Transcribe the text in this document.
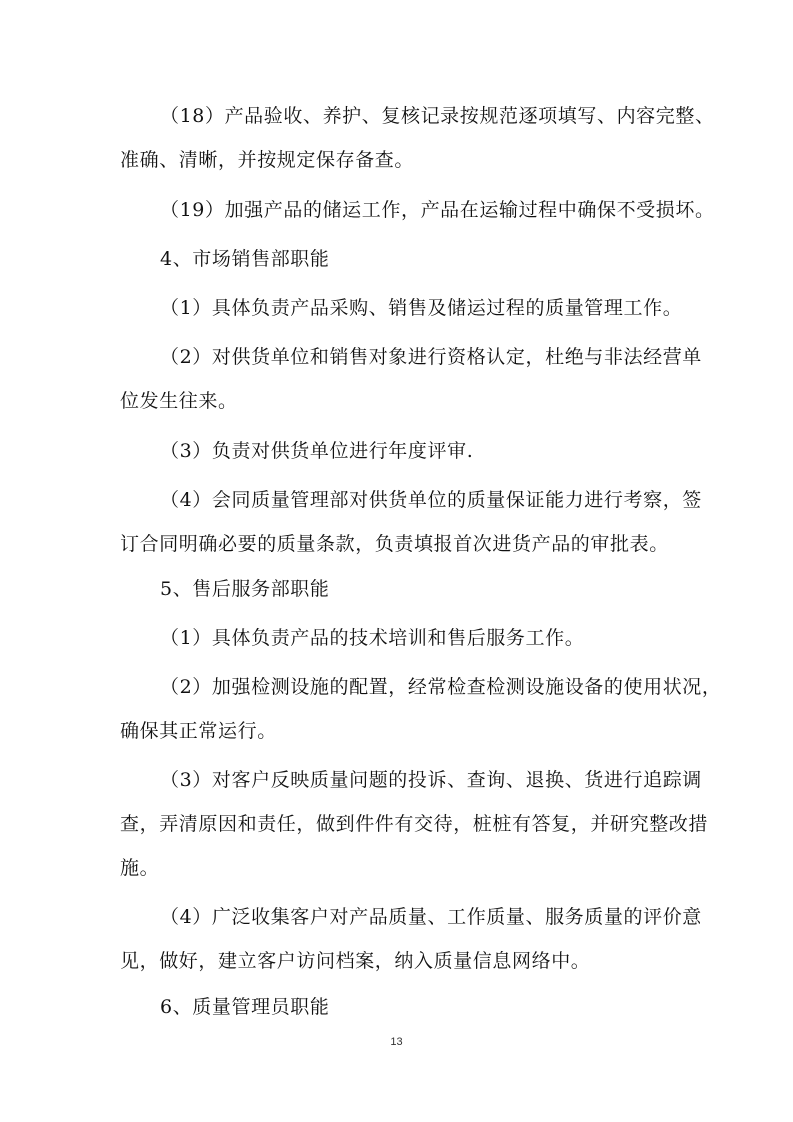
（18）产品验收、养护、复核记录按规范逐项填写、内容完整、
准确、清晰，并按规定保存备查。
（19）加强产品的储运工作，产品在运输过程中确保不受损坏。
4、市场销售部职能
（1）具体负责产品采购、销售及储运过程的质量管理工作。
（2）对供货单位和销售对象进行资格认定，杜绝与非法经营单
位发生往来。
（3）负责对供货单位进行年度评审.
（4）会同质量管理部对供货单位的质量保证能力进行考察，签
订合同明确必要的质量条款，负责填报首次进货产品的审批表。
5、售后服务部职能
（1）具体负责产品的技术培训和售后服务工作。
（2）加强检测设施的配置，经常检查检测设施设备的使用状况，
确保其正常运行。
（3）对客户反映质量问题的投诉、查询、退换、货进行追踪调
查，弄清原因和责任，做到件件有交待，桩桩有答复，并研究整改措
施。
（4）广泛收集客户对产品质量、工作质量、服务质量的评价意
见，做好，建立客户访问档案，纳入质量信息网络中。
6、质量管理员职能
13
